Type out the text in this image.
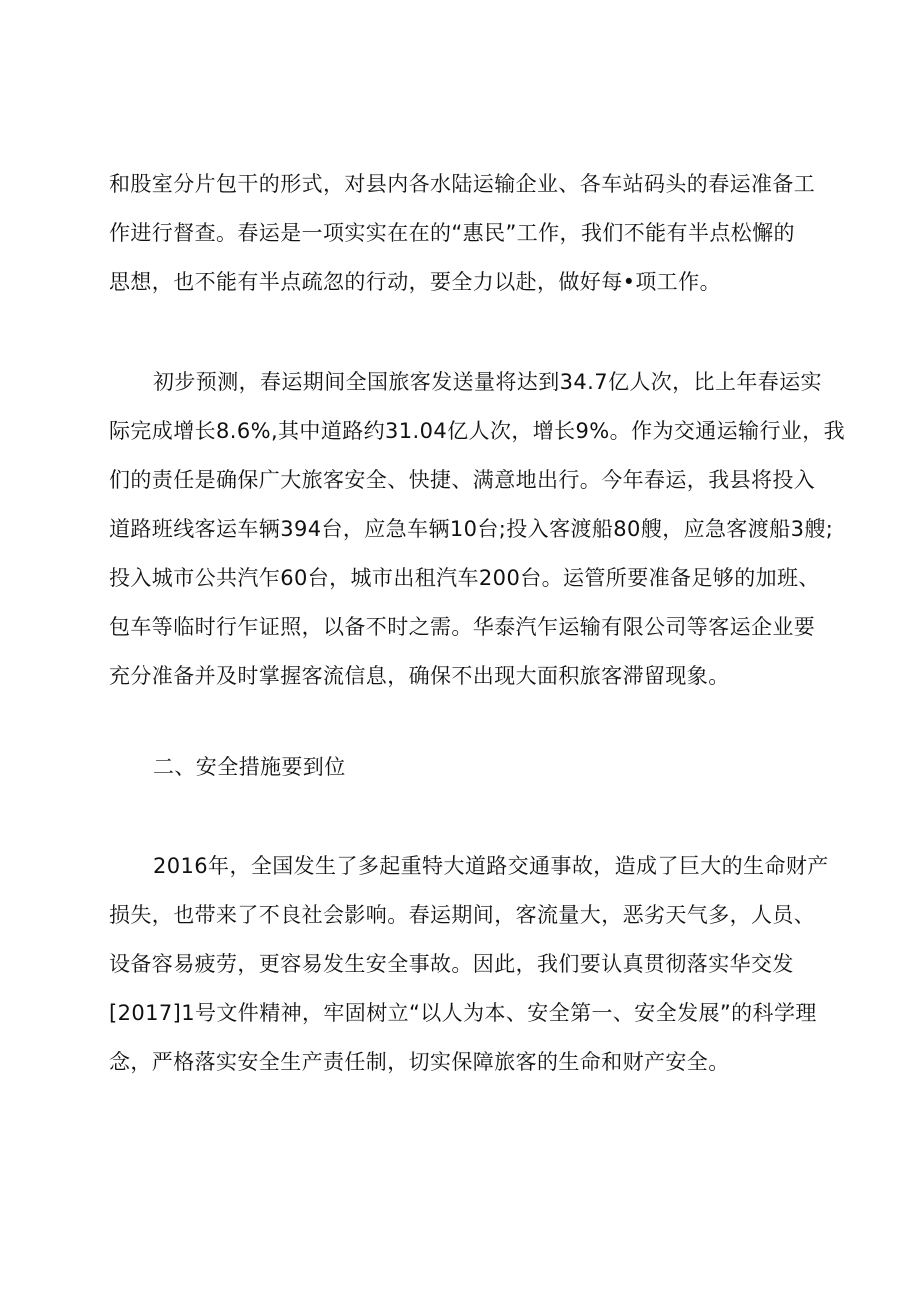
和股室分片包干的形式，对县内各水陆运输企业、各车站码头的春运准备工
作进行督查。春运是一项实实在在的“惠民”工作，我们不能有半点松懈的
思想，也不能有半点疏忽的行动，要全力以赴，做好每•项工作。

初步预测，春运期间全国旅客发送量将达到34.7亿人次，比上年春运实
际完成增长8.6%,其中道路约31.04亿人次，增长9%。作为交通运输行业，我
们的责任是确保广大旅客安全、快捷、满意地出行。今年春运，我县将投入
道路班线客运车辆394台，应急车辆10台;投入客渡船80艘，应急客渡船3艘;
投入城市公共汽乍60台，城市出租汽车200台。运管所要准备足够的加班、
包车等临时行乍证照，以备不时之需。华泰汽乍运输有限公司等客运企业要
充分准备并及时掌握客流信息，确保不出现大面积旅客滞留现象。

二、安全措施要到位

2016年，全国发生了多起重特大道路交通事故，造成了巨大的生命财产
损失，也带来了不良社会影响。春运期间，客流量大，恶劣天气多，人员、
设备容易疲劳，更容易发生安全事故。因此，我们要认真贯彻落实华交发
[2017]1号文件精神，牢固树立“以人为本、安全第一、安全发展”的科学理
念，严格落实安全生产责任制，切实保障旅客的生命和财产安全。
